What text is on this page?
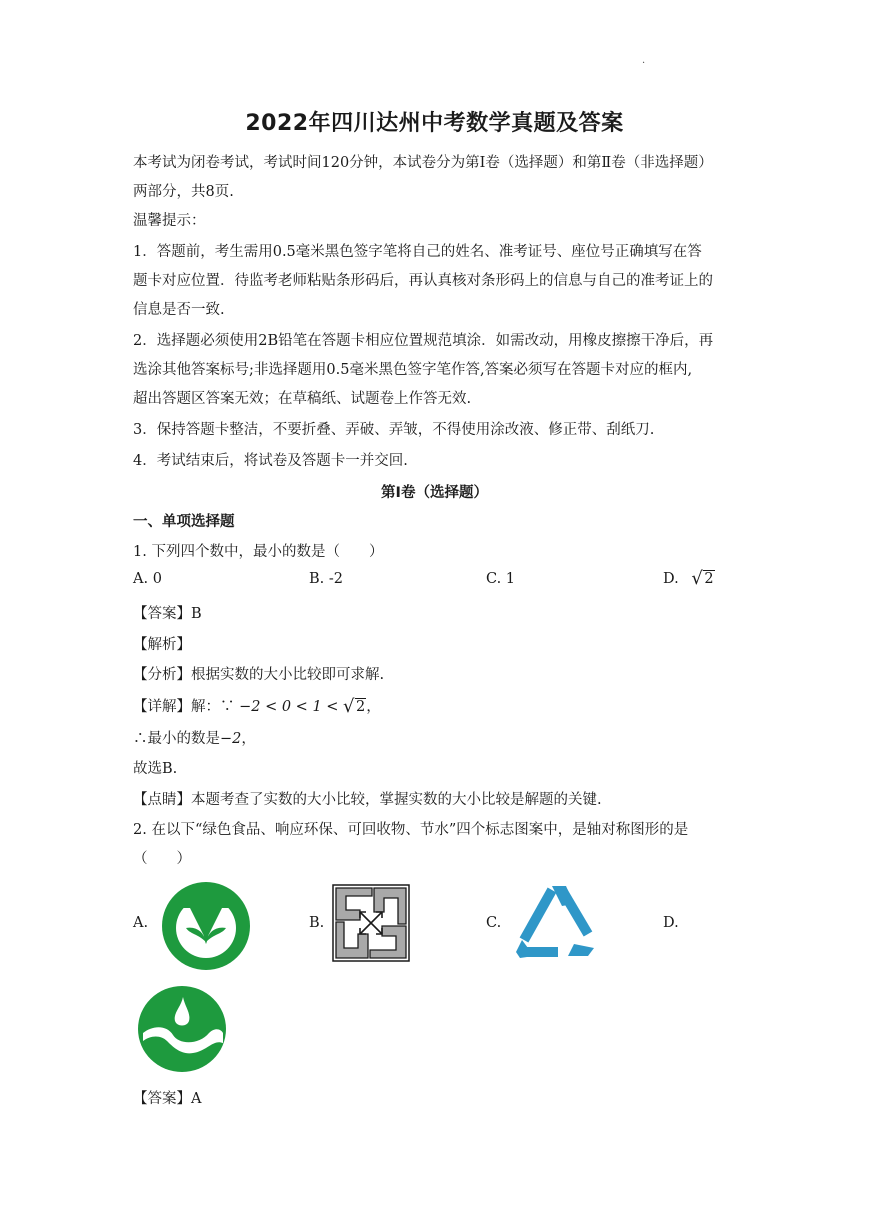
·
2022年四川达州中考数学真题及答案
本考试为闭卷考试，考试时间120分钟，本试卷分为第Ⅰ卷（选择题）和第Ⅱ卷（非选择题）
两部分，共8页.
温馨提示：
1．答题前，考生需用0.5毫米黑色签字笔将自己的姓名、准考证号、座位号正确填写在答
题卡对应位置．待监考老师粘贴条形码后，再认真核对条形码上的信息与自己的准考证上的
信息是否一致.
2．选择题必须使用2B铅笔在答题卡相应位置规范填涂．如需改动，用橡皮擦擦干净后，再
选涂其他答案标号;非选择题用0.5毫米黑色签字笔作答,答案必须写在答题卡对应的框内,
超出答题区答案无效；在草稿纸、试题卷上作答无效.
3．保持答题卡整洁，不要折叠、弄破、弄皱，不得使用涂改液、修正带、刮纸刀.
4．考试结束后，将试卷及答题卡一并交回.
第Ⅰ卷（选择题）
一、单项选择题
1. 下列四个数中，最小的数是（　　）
A. 0	B. -2	C. 1	D. √ 2
【答案】B
【解析】
【分析】根据实数的大小比较即可求解.
【详解】解：∵ −2 < 0 < 1 < √ 2，
∴最小的数是−2，
故选B.
【点睛】本题考查了实数的大小比较，掌握实数的大小比较是解题的关键.
2. 在以下“绿色食品、响应环保、可回收物、节水”四个标志图案中，是轴对称图形的是
（　　）
A.	B.	C.	D.
【答案】A
